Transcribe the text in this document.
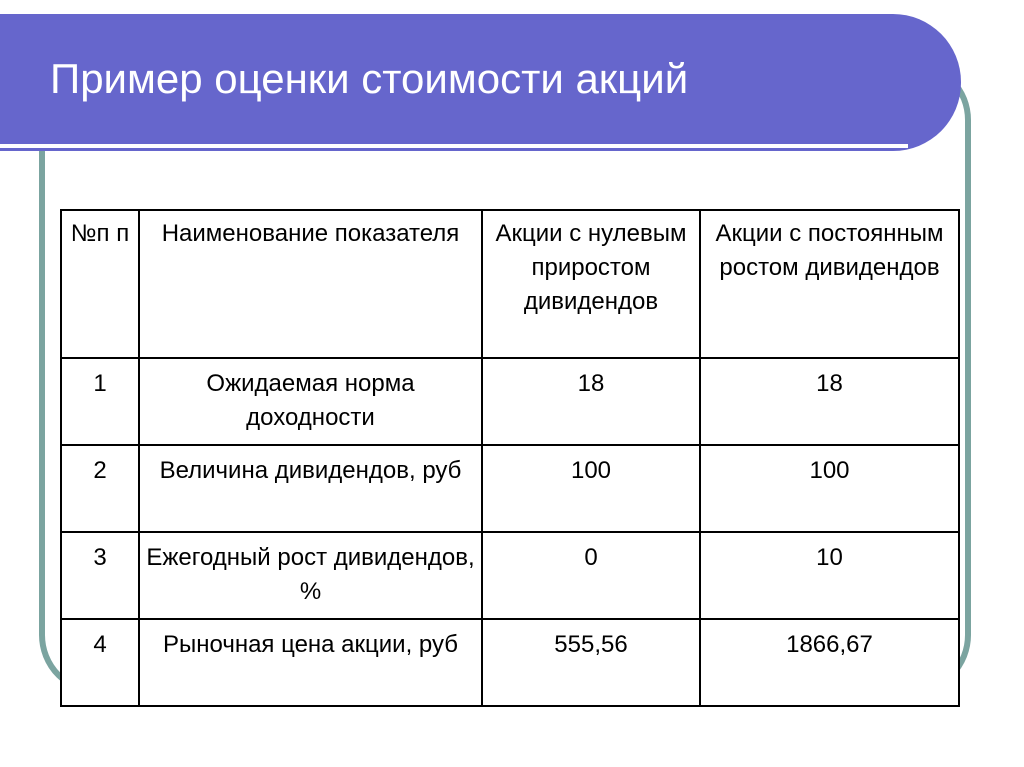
Пример оценки стоимости акций
№п п	Наименование показателя	Акции с нулевым приростом дивидендов	Акции с постоянным ростом дивидендов
1	Ожидаемая норма доходности	18	18
2	Величина дивидендов, руб	100	100
3	Ежегодный рост дивидендов, %	0	10
4	Рыночная цена акции, руб	555,56	1866,67
